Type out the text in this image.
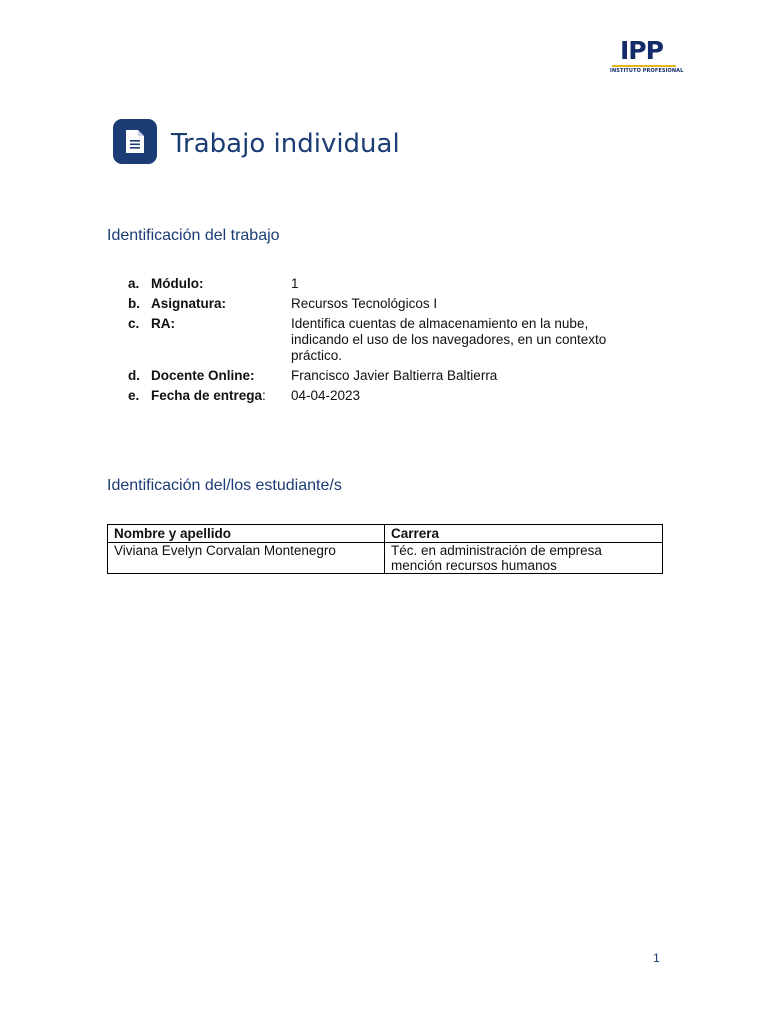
IPP
INSTITUTO PROFESIONAL
Trabajo individual
Identificación del trabajo
a. Módulo:	1
b. Asignatura:	Recursos Tecnológicos I
c. RA:	Identifica cuentas de almacenamiento en la nube, indicando el uso de los navegadores, en un contexto práctico.
d. Docente Online:	Francisco Javier Baltierra Baltierra
e. Fecha de entrega:	04-04-2023
Identificación del/los estudiante/s
Nombre y apellido	Carrera
Viviana Evelyn Corvalan Montenegro	Téc. en administración de empresa mención recursos humanos
1
